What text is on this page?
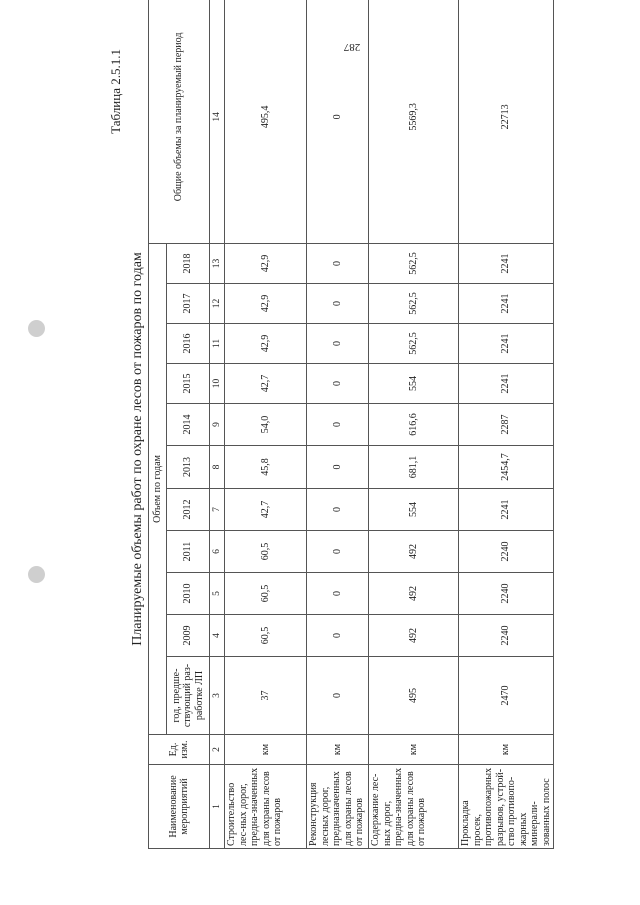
287
Таблица 2.5.1.1
Планируемые объемы работ по охране лесов от пожаров по годам
Наименование мероприятий	Ед. изм.	Объем по годам											Общие объемы за планируемый период
		год, предше-ствующий раз-работке ЛП	2009	2010	2011	2012	2013	2014	2015	2016	2017	2018	
1	2	3	4	5	6	7	8	9	10	11	12	13	14
Строительство лес-ных дорог, предна-значенных для охраны лесов от пожаров	км	37	60,5	60,5	60,5	42,7	45,8	54,0	42,7	42,9	42,9	42,9	495,4
Реконструкция лесных дорог, предназначенных для охраны лесов от пожаров	км	0	0	0	0	0	0	0	0	0	0	0	0
Содержание лес-ных дорог, предна-значенных для охраны лесов от пожаров	км	495	492	492	492	554	681,1	616,6	554	562,5	562,5	562,5	5569,3
Прокладка просек, противопожарных разрывов, устрой-ство противопо-жарных минерали-зованных полос	км	2470	2240	2240	2240	2241	2454,7	2287	2241	2241	2241	2241	22713
